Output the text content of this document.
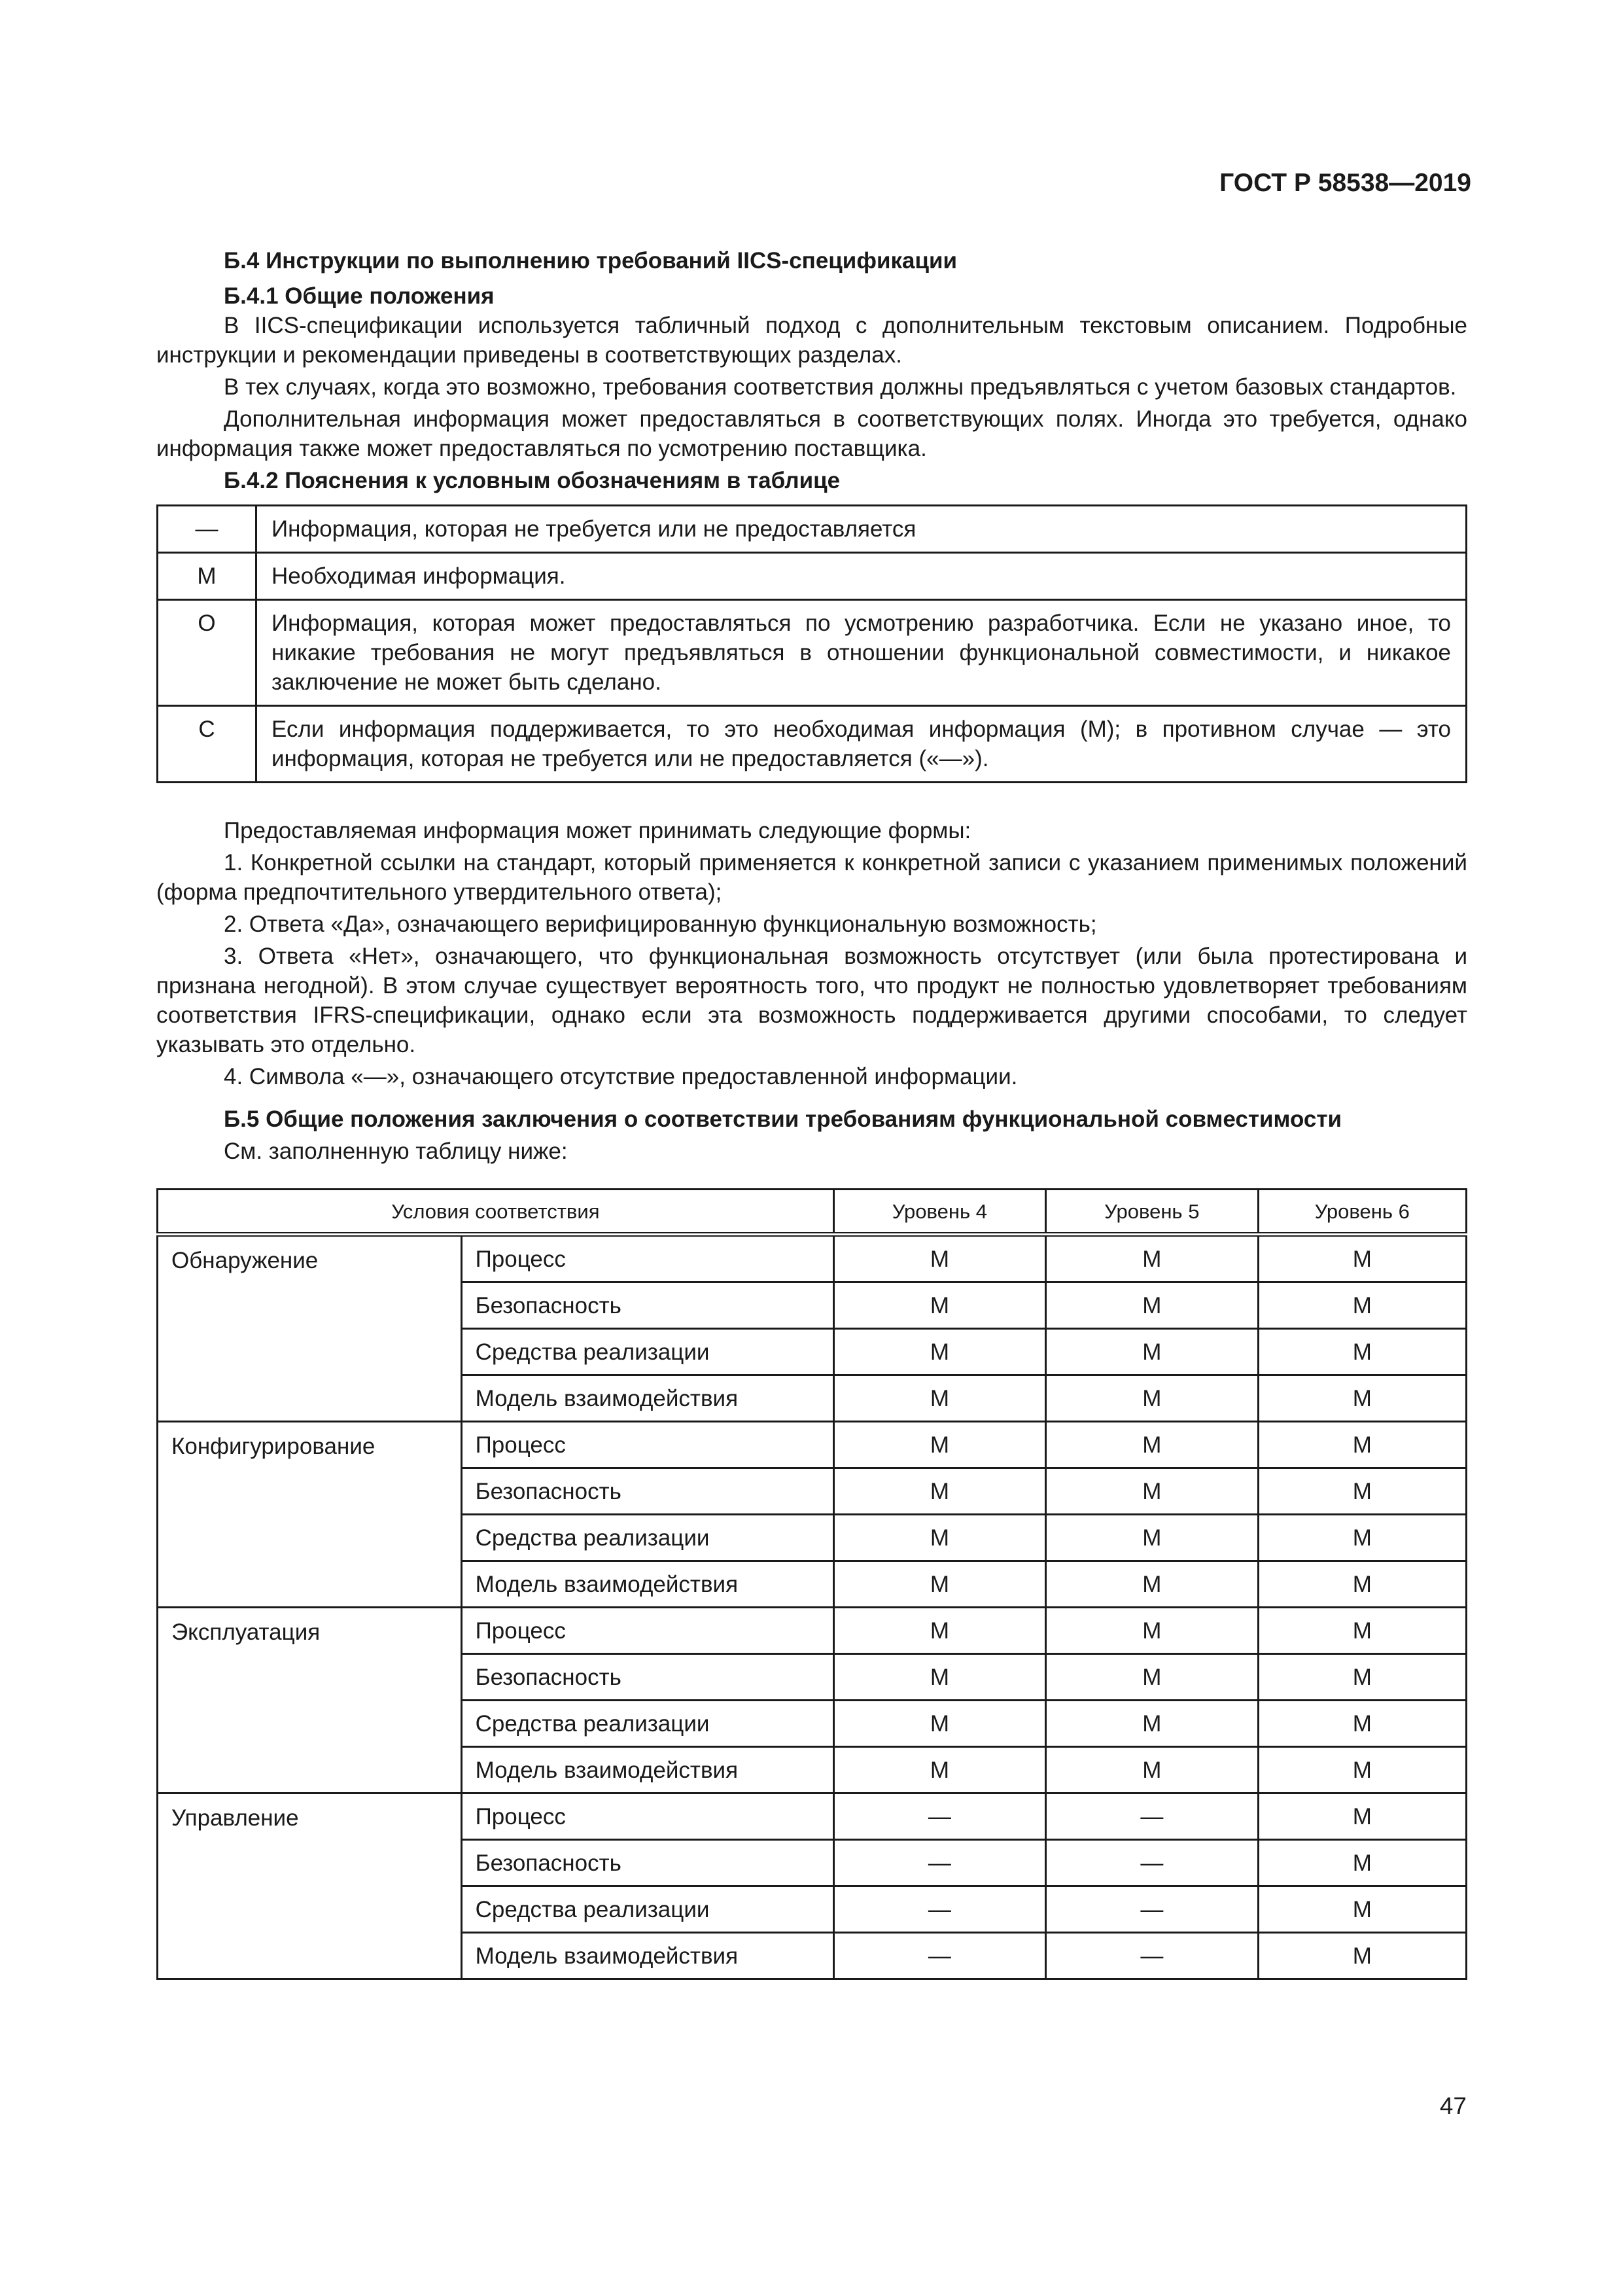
ГОСТ Р 58538—2019
Б.4 Инструкции по выполнению требований IICS-спецификации
Б.4.1 Общие положения
В IICS-спецификации используется табличный подход с дополнительным текстовым описанием. Подробные инструкции и рекомендации приведены в соответствующих разделах.
В тех случаях, когда это возможно, требования соответствия должны предъявляться с учетом базовых стандартов.
Дополнительная информация может предоставляться в соответствующих полях. Иногда это требуется, однако информация также может предоставляться по усмотрению поставщика.
Б.4.2 Пояснения к условным обозначениям в таблице
—	Информация, которая не требуется или не предоставляется
M	Необходимая информация.
O	Информация, которая может предоставляться по усмотрению разработчика. Если не указано иное, то никакие требования не могут предъявляться в отношении функциональной совместимости, и никакое заключение не может быть сделано.
C	Если информация поддерживается, то это необходимая информация (M); в противном случае — это информация, которая не требуется или не предоставляется («—»).
Предоставляемая информация может принимать следующие формы:
1. Конкретной ссылки на стандарт, который применяется к конкретной записи с указанием применимых положений (форма предпочтительного утвердительного ответа);
2. Ответа «Да», означающего верифицированную функциональную возможность;
3. Ответа «Нет», означающего, что функциональная возможность отсутствует (или была протестирована и признана негодной). В этом случае существует вероятность того, что продукт не полностью удовлетворяет требованиям соответствия IFRS-спецификации, однако если эта возможность поддерживается другими способами, то следует указывать это отдельно.
4. Символа «—», означающего отсутствие предоставленной информации.
Б.5 Общие положения заключения о соответствии требованиям функциональной совместимости
См. заполненную таблицу ниже:
Условия соответствия		Уровень 4	Уровень 5	Уровень 6
Обнаружение	Процесс	M	M	M
	Безопасность	M	M	M
	Средства реализации	M	M	M
	Модель взаимодействия	M	M	M
Конфигурирование	Процесс	M	M	M
	Безопасность	M	M	M
	Средства реализации	M	M	M
	Модель взаимодействия	M	M	M
Эксплуатация	Процесс	M	M	M
	Безопасность	M	M	M
	Средства реализации	M	M	M
	Модель взаимодействия	M	M	M
Управление	Процесс	—	—	M
	Безопасность	—	—	M
	Средства реализации	—	—	M
	Модель взаимодействия	—	—	M
47
